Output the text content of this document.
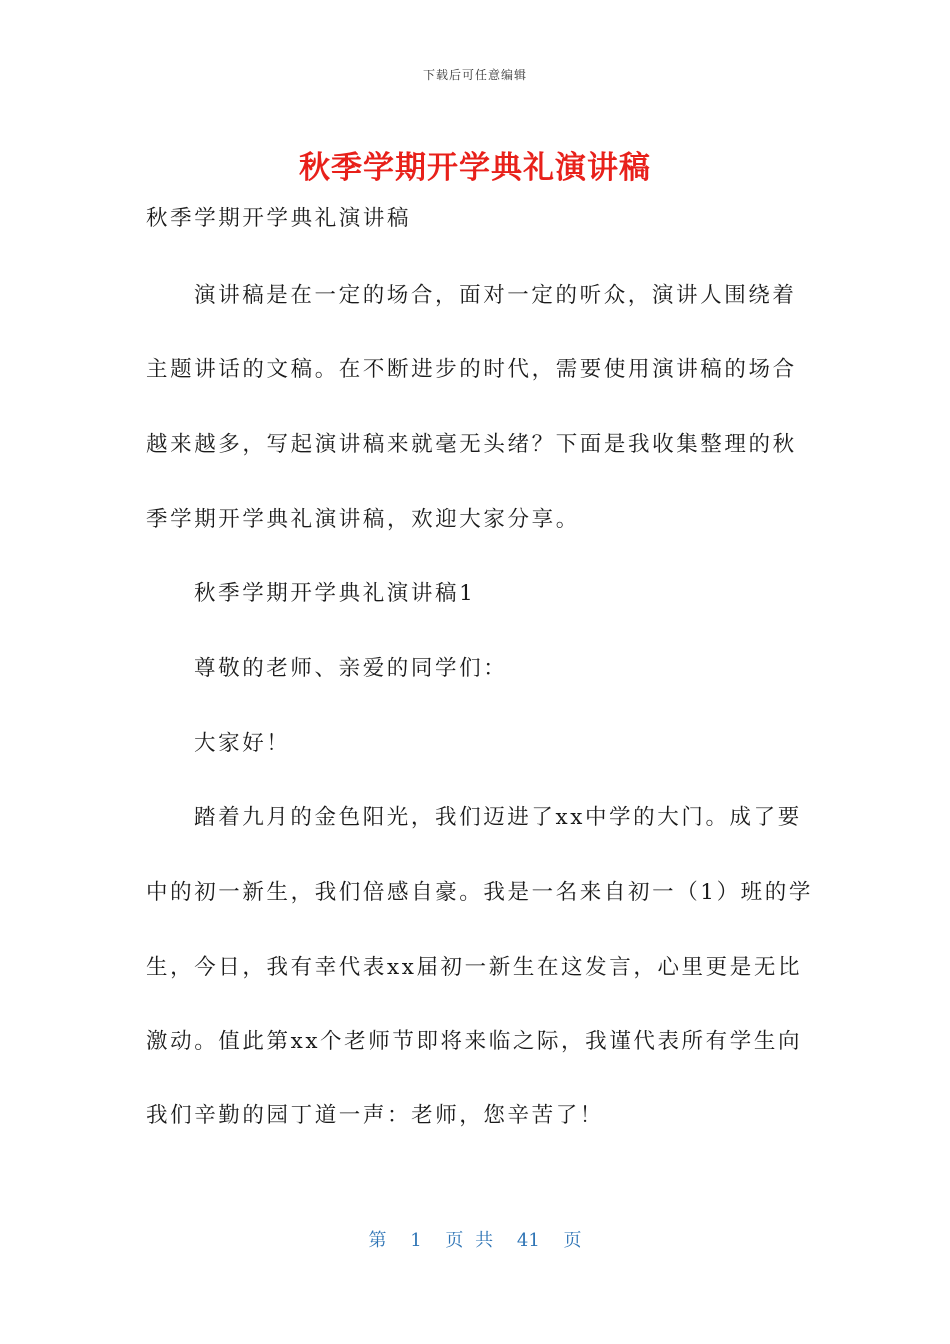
下载后可任意编辑
秋季学期开学典礼演讲稿
秋季学期开学典礼演讲稿
演讲稿是在一定的场合，面对一定的听众，演讲人围绕着
主题讲话的文稿。在不断进步的时代，需要使用演讲稿的场合
越来越多，写起演讲稿来就毫无头绪？下面是我收集整理的秋
季学期开学典礼演讲稿，欢迎大家分享。
秋季学期开学典礼演讲稿1
尊敬的老师、亲爱的同学们：
大家好！
踏着九月的金色阳光，我们迈进了xx中学的大门。成了要
中的初一新生，我们倍感自豪。我是一名来自初一（1）班的学
生，今日，我有幸代表xx届初一新生在这发言，心里更是无比
激动。值此第xx个老师节即将来临之际，我谨代表所有学生向
我们辛勤的园丁道一声：老师，您辛苦了！
第 1 页 共 41 页
